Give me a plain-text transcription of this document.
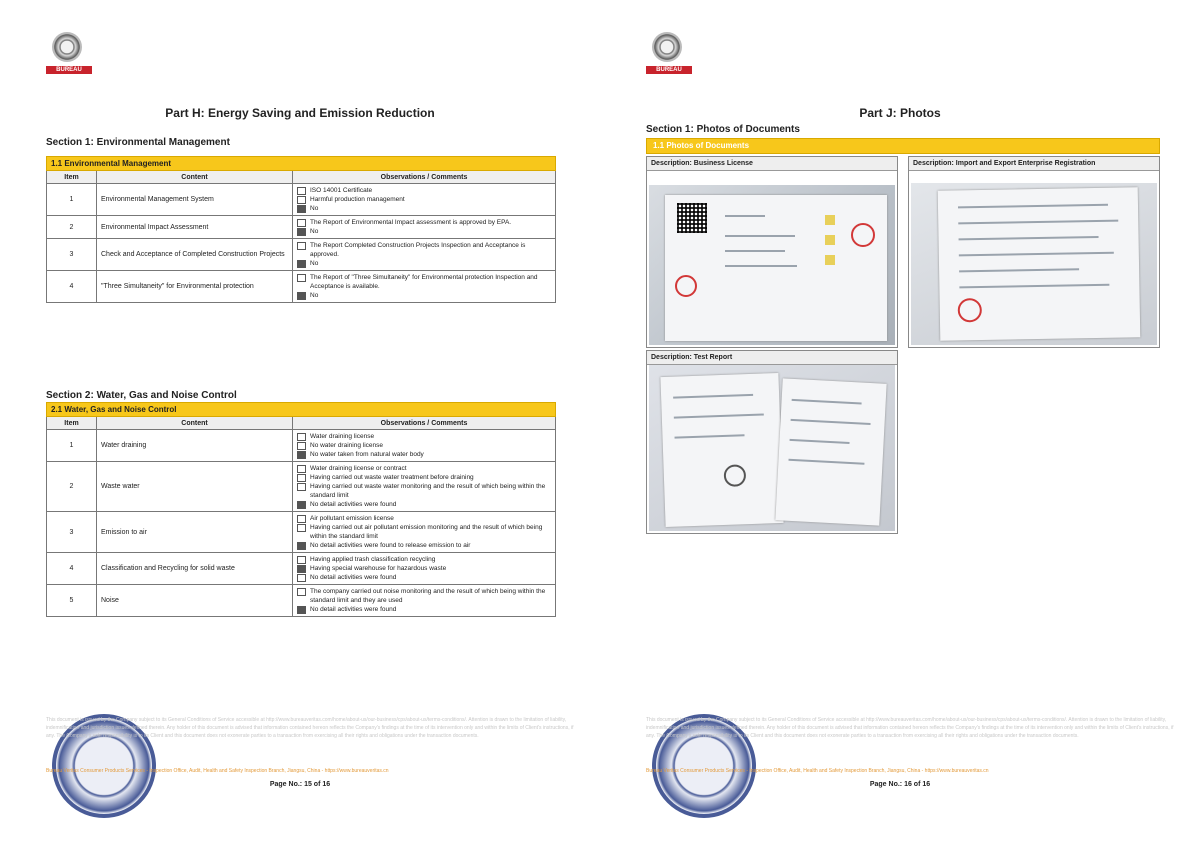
BUREAU
Part H: Energy Saving and Emission Reduction
Section 1: Environmental Management
1.1 Environmental Management		
Item	Content	Observations / Comments
1	Environmental Management System	ISO 14001 Certificate
Harmful production management
No

2	Environmental Impact Assessment	The Report of Environmental Impact assessment is approved by EPA.
No

3	Check and Acceptance of Completed Construction Projects	The Report Completed Construction Projects Inspection and Acceptance is approved.
No

4	"Three Simultaneity" for Environmental protection	The Report of "Three Simultaneity" for Environmental protection Inspection and Acceptance is available.
No
Section 2: Water, Gas and Noise Control
2.1 Water, Gas and Noise Control		
Item	Content	Observations / Comments
1	Water draining	Water draining license
No water draining license
No water taken from natural water body

2	Waste water	Water draining license or contract
Having carried out waste water treatment before draining
Having carried out waste water monitoring and the result of which being within the standard limit
No detail activities were found

3	Emission to air	Air pollutant emission license
Having carried out air pollutant emission monitoring and the result of which being within the standard limit
No detail activities were found to release emission to air

4	Classification and Recycling for solid waste	Having applied trash classification recycling
Having special warehouse for hazardous waste
No detail activities were found

5	Noise	The company carried out noise monitoring and the result of which being within the standard limit and they are used
No detail activities were found
This document is issued by the Company subject to its General Conditions of Service accessible at http://www.bureauveritas.com/home/about-us/our-business/cps/about-us/terms-conditions/. Attention is drawn to the limitation of liability, indemnification and jurisdiction issues defined therein. Any holder of this document is advised that information contained hereon reflects the Company's findings at the time of its intervention only and within the limits of Client's instructions, if any. The Company's sole responsibility is to its Client and this document does not exonerate parties to a transaction from exercising all their rights and obligations under the transaction documents.
Bureau Veritas Consumer Products Services - Inspection Office, Audit, Health and Safety Inspection Branch, Jiangsu, China - https://www.bureauveritas.cn
Page No.: 15 of 16
BUREAU
Part J: Photos
Section 1: Photos of Documents
This document is issued by the Company subject to its General Conditions of Service accessible at http://www.bureauveritas.com/home/about-us/our-business/cps/about-us/terms-conditions/. Attention is drawn to the limitation of liability, indemnification and jurisdiction issues defined therein. Any holder of this document is advised that information contained hereon reflects the Company's findings at the time of its intervention only and within the limits of Client's instructions, if any. The Company's sole responsibility is to its Client and this document does not exonerate parties to a transaction from exercising all their rights and obligations under the transaction documents.
Bureau Veritas Consumer Products Services - Inspection Office, Audit, Health and Safety Inspection Branch, Jiangsu, China - https://www.bureauveritas.cn
Page No.: 16 of 16
1.1 Photos of Documents
Description: Business License	Description: Import and Export Enterprise Registration
Description: Test Report
